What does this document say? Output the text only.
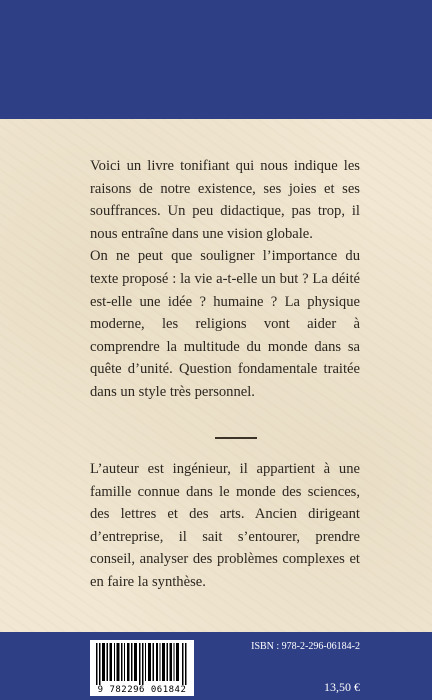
Voici un livre tonifiant qui nous indique les raisons de notre existence, ses joies et ses souffrances. Un peu didactique, pas trop, il nous entraîne dans une vision globale.

On ne peut que souligner l’importance du texte proposé : la vie a-t-elle un but ? La déité est-elle une idée ? humaine ? La physique moderne, les religions vont aider à comprendre la multitude du monde dans sa quête d’unité. Question fondamentale traitée dans un style très personnel.

L’auteur est ingénieur, il appartient à une famille connue dans le monde des sciences, des lettres et des arts. Ancien dirigeant d’entreprise, il sait s’entourer, prendre conseil, analyser des problèmes complexes et en faire la synthèse.

9 782296 061842
ISBN : 978-2-296-06184-2
13,50 €
